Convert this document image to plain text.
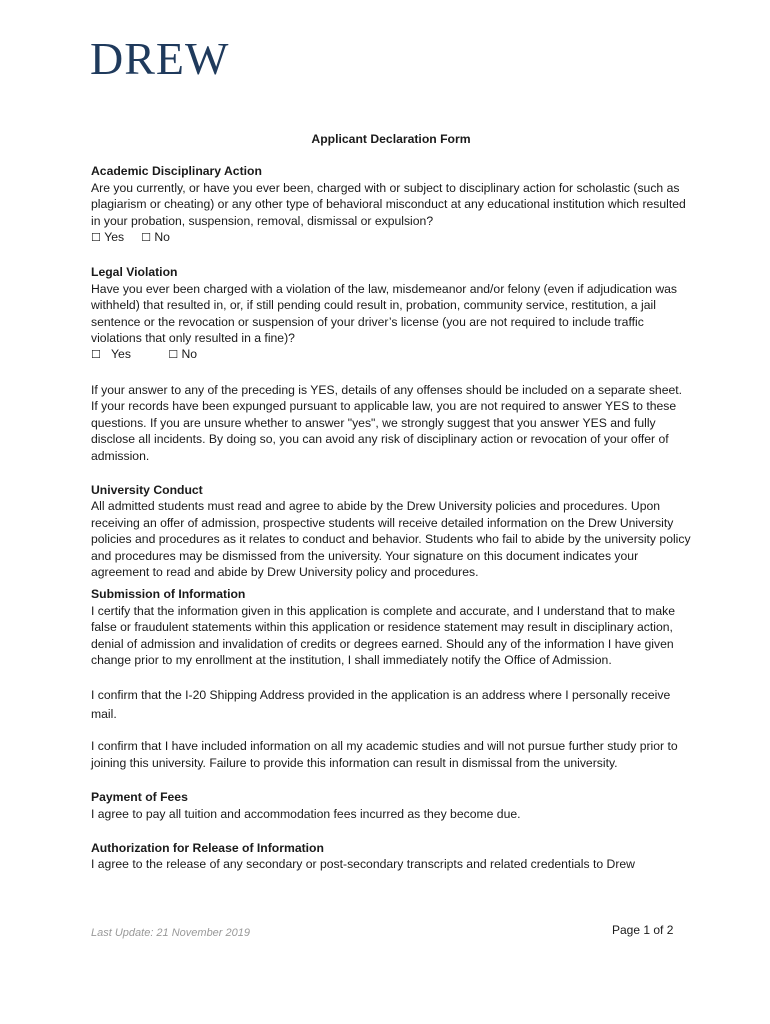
DREW

Applicant Declaration Form

Academic Disciplinary Action

Are you currently, or have you ever been, charged with or subject to disciplinary action for scholastic (such as plagiarism or cheating) or any other type of behavioral misconduct at any educational institution which resulted in your probation, suspension, removal, dismissal or expulsion?

☐ Yes ☐ No

Legal Violation

Have you ever been charged with a violation of the law, misdemeanor and/or felony (even if adjudication was withheld) that resulted in, or, if still pending could result in, probation, community service, restitution, a jail sentence or the revocation or suspension of your driver’s license (you are not required to include traffic violations that only resulted in a fine)?

☐ Yes	☐ No

If your answer to any of the preceding is YES, details of any offenses should be included on a separate sheet. If your records have been expunged pursuant to applicable law, you are not required to answer YES to these questions. If you are unsure whether to answer "yes", we strongly suggest that you answer YES and fully disclose all incidents. By doing so, you can avoid any risk of disciplinary action or revocation of your offer of admission.

University Conduct

All admitted students must read and agree to abide by the Drew University policies and procedures. Upon receiving an offer of admission, prospective students will receive detailed information on the Drew University policies and procedures as it relates to conduct and behavior. Students who fail to abide by the university policy and procedures may be dismissed from the university. Your signature on this document indicates your agreement to read and abide by Drew University policy and procedures.

Submission of Information

I certify that the information given in this application is complete and accurate, and I understand that to make false or fraudulent statements within this application or residence statement may result in disciplinary action, denial of admission and invalidation of credits or degrees earned. Should any of the information I have given change prior to my enrollment at the institution, I shall immediately notify the Office of Admission.

I confirm that the I-20 Shipping Address provided in the application is an address where I personally receive mail.

I confirm that I have included information on all my academic studies and will not pursue further study prior to joining this university. Failure to provide this information can result in dismissal from the university.

Payment of Fees

I agree to pay all tuition and accommodation fees incurred as they become due.

Authorization for Release of Information

I agree to the release of any secondary or post-secondary transcripts and related credentials to Drew

Last Update: 21 November 2019	Page 1 of 2
